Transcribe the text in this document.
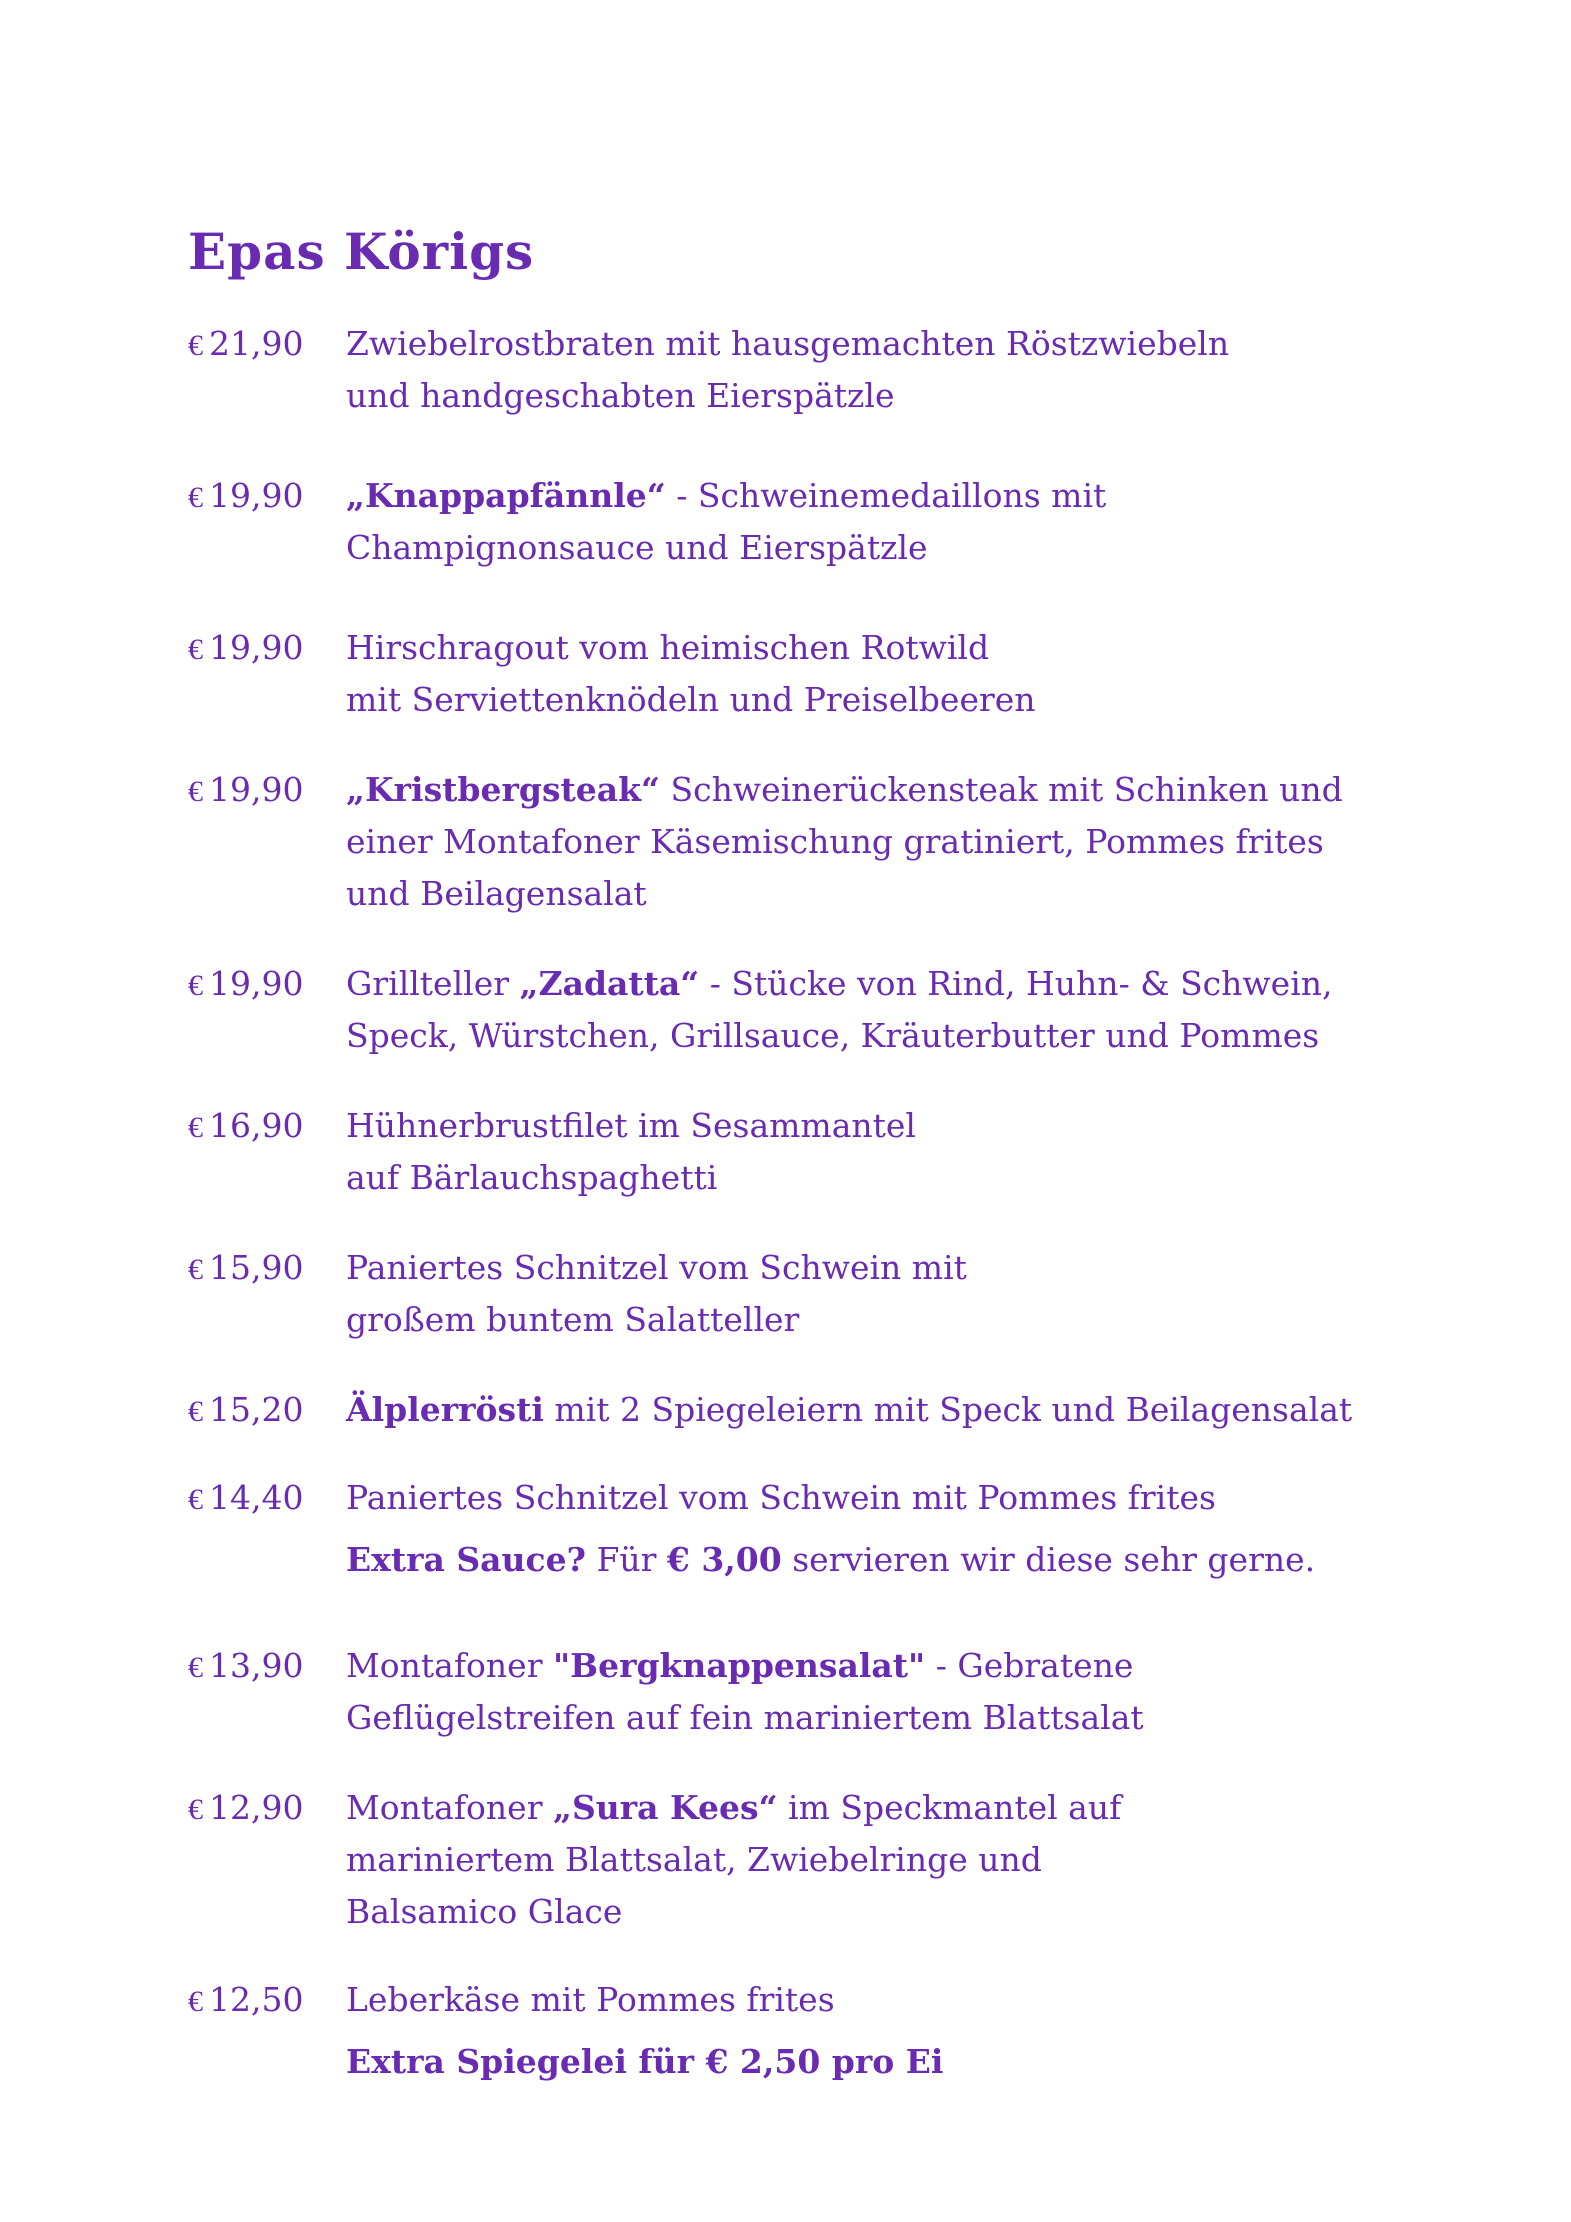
Epas Körigs
€ 21,90	Zwiebelrostbraten mit hausgemachten Röstzwiebeln
und handgeschabten Eierspätzle
€ 19,90	„Knappapfännle“ - Schweinemedaillons mit
Champignonsauce und Eierspätzle
€ 19,90	Hirschragout vom heimischen Rotwild
mit Serviettenknödeln und Preiselbeeren
€ 19,90	„Kristbergsteak“ Schweinerückensteak mit Schinken und
einer Montafoner Käsemischung gratiniert, Pommes frites
und Beilagensalat
€ 19,90	Grillteller „Zadatta“ - Stücke von Rind, Huhn- & Schwein,
Speck, Würstchen, Grillsauce, Kräuterbutter und Pommes
€ 16,90	Hühnerbrustfilet im Sesammantel
auf Bärlauchspaghetti
€ 15,90	Paniertes Schnitzel vom Schwein mit
großem buntem Salatteller
€ 15,20	Älplerrösti mit 2 Spiegeleiern mit Speck und Beilagensalat
€ 14,40	Paniertes Schnitzel vom Schwein mit Pommes frites
Extra Sauce? Für € 3,00 servieren wir diese sehr gerne.
€ 13,90	Montafoner "Bergknappensalat" - Gebratene
Geflügelstreifen auf fein mariniertem Blattsalat
€ 12,90	Montafoner „Sura Kees“ im Speckmantel auf
mariniertem Blattsalat, Zwiebelringe und
Balsamico Glace
€ 12,50	Leberkäse mit Pommes frites
Extra Spiegelei für € 2,50 pro Ei
